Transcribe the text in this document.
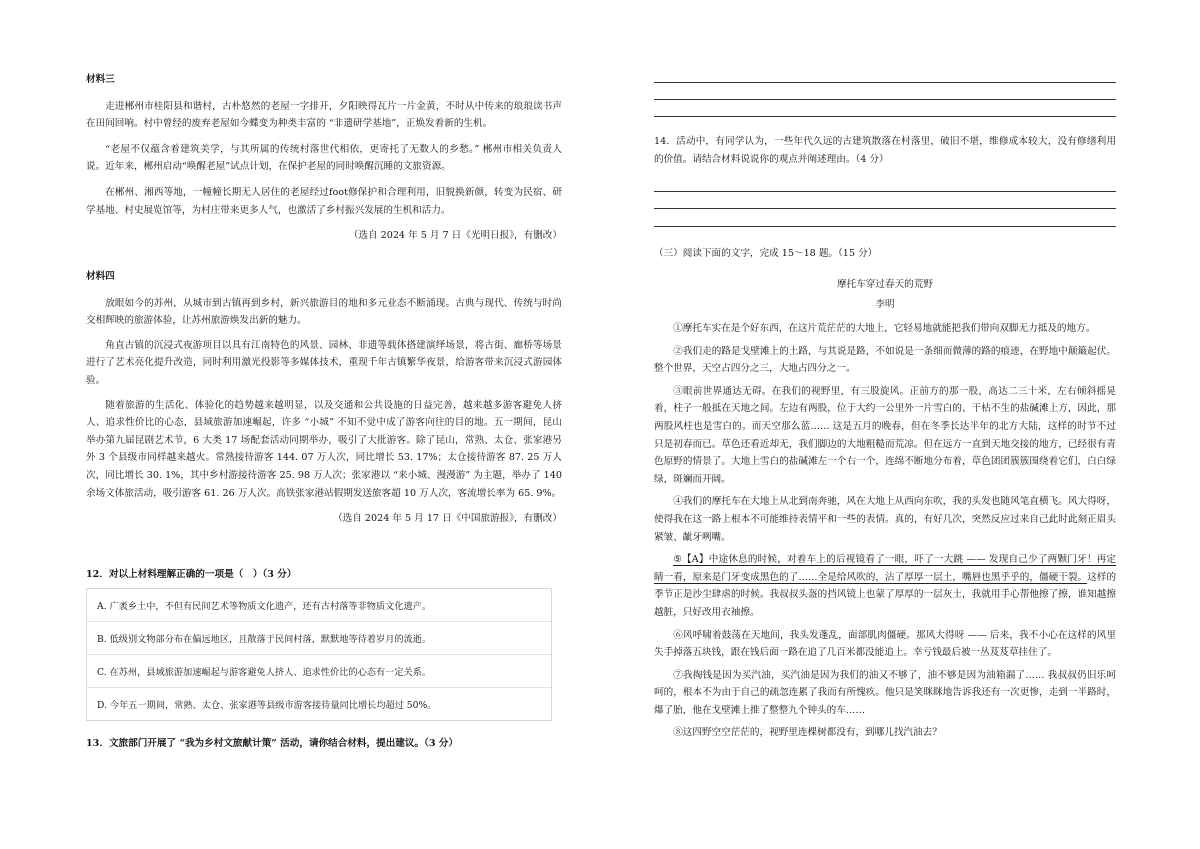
材料三

走进郴州市桂阳县和谐村，古朴悠然的老屋一字排开，夕阳映得瓦片一片金黄，不时从中传来的琅琅读书声在田间回响。村中曾经的废弃老屋如今蝶变为种类丰富的 “非遗研学基地”，正焕发着新的生机。

“老屋不仅蕴含着建筑美学，与其所属的传统村落世代相依，更寄托了无数人的乡愁。” 郴州市相关负责人说。近年来，郴州启动“唤醒老屋”试点计划，在保护老屋的同时唤醒沉睡的文旅资源。

在郴州、湘西等地，一幢幢长期无人居住的老屋经过foot修保护和合理利用，旧貌换新颜，转变为民宿、研学基地、村史展览馆等，为村庄带来更多人气，也激活了乡村振兴发展的生机和活力。

（选自 2024 年 5 月 7 日《光明日报》，有删改）

材料四

放眼如今的苏州，从城市到古镇再到乡村，新兴旅游目的地和多元业态不断涌现。古典与现代、传统与时尚交相辉映的旅游体验，让苏州旅游焕发出新的魅力。

角直古镇的沉浸式夜游项目以具有江南特色的风景、园林、非遗等载体搭建演绎场景，将古街、廊桥等场景进行了艺术亮化提升改造，同时利用激光投影等多媒体技术，重现千年古镇繁华夜景，给游客带来沉浸式游园体验。

随着旅游的生活化、体验化的趋势越来越明显，以及交通和公共设施的日益完善，越来越多游客避免人挤人、追求性价比的心态，县域旅游加速崛起，许多 “小城” 不知不觉中成了游客向往的目的地。五一期间，昆山举办第九届昆剧艺术节，6 大类 17 场配套活动同期举办，吸引了大批游客。除了昆山，常熟、太仓、张家港另外 3 个县级市同样越来越火。常熟接待游客 144. 07 万人次，同比增长 53. 17%；太仓接待游客 87. 25 万人次，同比增长 30. 1%，其中乡村游接待游客 25. 98 万人次；张家港以 “来小城、漫漫游” 为主题，举办了 140 余场文体旅活动，吸引游客 61. 26 万人次。高铁张家港站假期发送旅客超 10 万人次，客流增长率为 65. 9%。

（选自 2024 年 5 月 17 日《中国旅游报》，有删改）

12．对以上材料理解正确的一项是（　）（3 分）

A. 广袤乡土中，不但有民间艺术等物质文化遗产，还有古村落等非物质文化遗产。
B. 低级别文物部分布在偏远地区，且散落于民间村落，默默地等待着岁月的流逝。
C. 在苏州，县域旅游加速崛起与游客避免人挤人、追求性价比的心态有一定关系。
D. 今年五一期间，常熟、太仓、张家港等县级市游客接待量同比增长均超过 50%。

13．文旅部门开展了 “我为乡村文旅献计策” 活动，请你结合材料，提出建议。（3 分）

14．活动中，有同学认为，一些年代久远的古建筑散落在村落里，破旧不堪，维修成本较大，没有修缮利用的价值。请结合材料说说你的观点并阐述理由。（4 分）

（三）阅读下面的文字，完成 15～18 题。（15 分）

摩托车穿过春天的荒野

李明

①摩托车实在是个好东西，在这片荒茫茫的大地上，它轻易地就能把我们带向双脚无力抵及的地方。

②我们走的路是戈壁滩上的土路，与其说是路，不如说是一条细而微薄的路的痕迹，在野地中颠簸起伏。整个世界，天空占四分之三，大地占四分之一。

③眼前世界通达无碍。在我们的视野里，有三股旋风。正前方的那一股，高达二三十米，左右倾斜摇晃着，柱子一般抵在天地之间。左边有两股，位于大约一公里外一片雪白的、干枯不生的盐碱滩上方，因此，那两股风柱也是雪白的。而天空那么蓝…… 这是五月的晚春，但在冬季长达半年的北方大陆，这样的时节不过只是初春而已。草色还看近却无，我们脚边的大地粗糙而荒凉。但在远方一直到天地交接的地方，已经很有青色原野的情景了。大地上雪白的盐碱滩左一个右一个，连绵不断地分布着，草色团团簇簇围绕着它们，白白绿绿，斑斓而开阔。

④我们的摩托车在大地上从北到南奔驰，风在大地上从西向东吹，我的头发也随风笔直横飞。风大得呀，使得我在这一路上根本不可能维持表情平和一些的表情。真的，有好几次，突然反应过来自己此时此刻正眉头紧皱、龇牙咧嘴。

⑤【A】中途休息的时候，对着车上的后视镜看了一眼，吓了一大跳 —— 发现自己少了两颗门牙！再定睛一看，原来是门牙变成黑色的了……全是给风吹的，沾了厚厚一层土，嘴唇也黑乎乎的，僵硬干裂。这样的季节正是沙尘肆虐的时候。我叔叔头盔的挡风镜上也蒙了厚厚的一层灰土，我就用手心帮他擦了擦，谁知越擦越脏，只好改用衣袖擦。

⑥风呼啸着鼓荡在天地间，我头发蓬乱，面部肌肉僵硬。那风大得呀 —— 后来，我不小心在这样的风里失手掉落五块钱，跟在钱后面一路在追了几百米都没能追上。幸亏钱最后被一丛芨芨草挂住了。

⑦我掏钱是因为买汽油，买汽油是因为我们的油又不够了，油不够是因为油箱漏了…… 我叔叔仍旧乐呵呵的，根本不为由于自己的疏忽连累了我而有所愧疚。他只是笑眯眯地告诉我还有一次更惨，走到一半路时，爆了胎，他在戈壁滩上推了整整九个钟头的车……

⑧这四野空空茫茫的，视野里连棵树都没有，到哪儿找汽油去？
